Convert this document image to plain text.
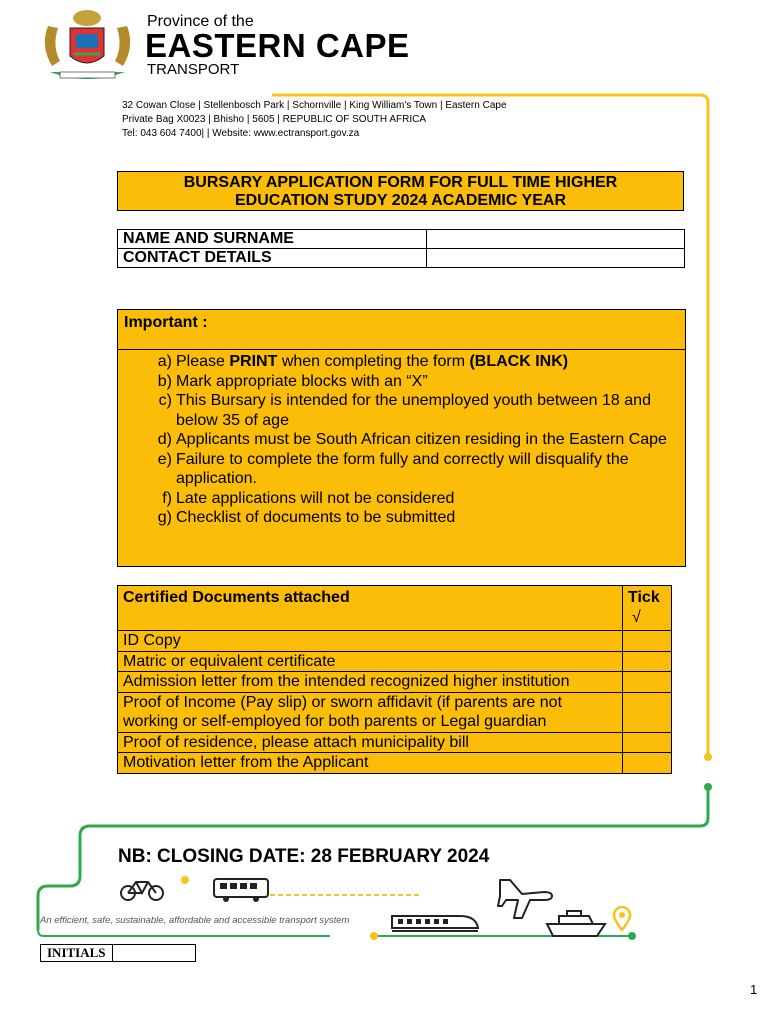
Province of the
EASTERN CAPE
TRANSPORT
32 Cowan Close | Stellenbosch Park | Schornville | King William's Town | Eastern Cape
Private Bag X0023 | Bhisho | 5605 | REPUBLIC OF SOUTH AFRICA
Tel: 043 604 7400| | Website: www.ectransport.gov.za
BURSARY APPLICATION FORM FOR FULL TIME HIGHER
EDUCATION STUDY 2024 ACADEMIC YEAR
NAME AND SURNAME	
CONTACT DETAILS	
Important :
a) Please PRINT when completing the form (BLACK INK)
b) Mark appropriate blocks with an “X”
c) This Bursary is intended for the unemployed youth between 18 and below 35 of age
d) Applicants must be South African citizen residing in the Eastern Cape
e) Failure to complete the form fully and correctly will disqualify the application.
f) Late applications will not be considered
g) Checklist of documents to be submitted
Certified Documents attached	Tick
√

ID Copy	
Matric or equivalent certificate	
Admission letter from the intended recognized higher institution	
Proof of Income (Pay slip) or sworn affidavit (if parents are not working or self-employed for both parents or Legal guardian	
Proof of residence, please attach municipality bill	
Motivation letter from the Applicant	
NB: CLOSING DATE: 28 FEBRUARY 2024
An efficient, safe, sustainable, affordable and accessible transport system
INITIALS	
1
